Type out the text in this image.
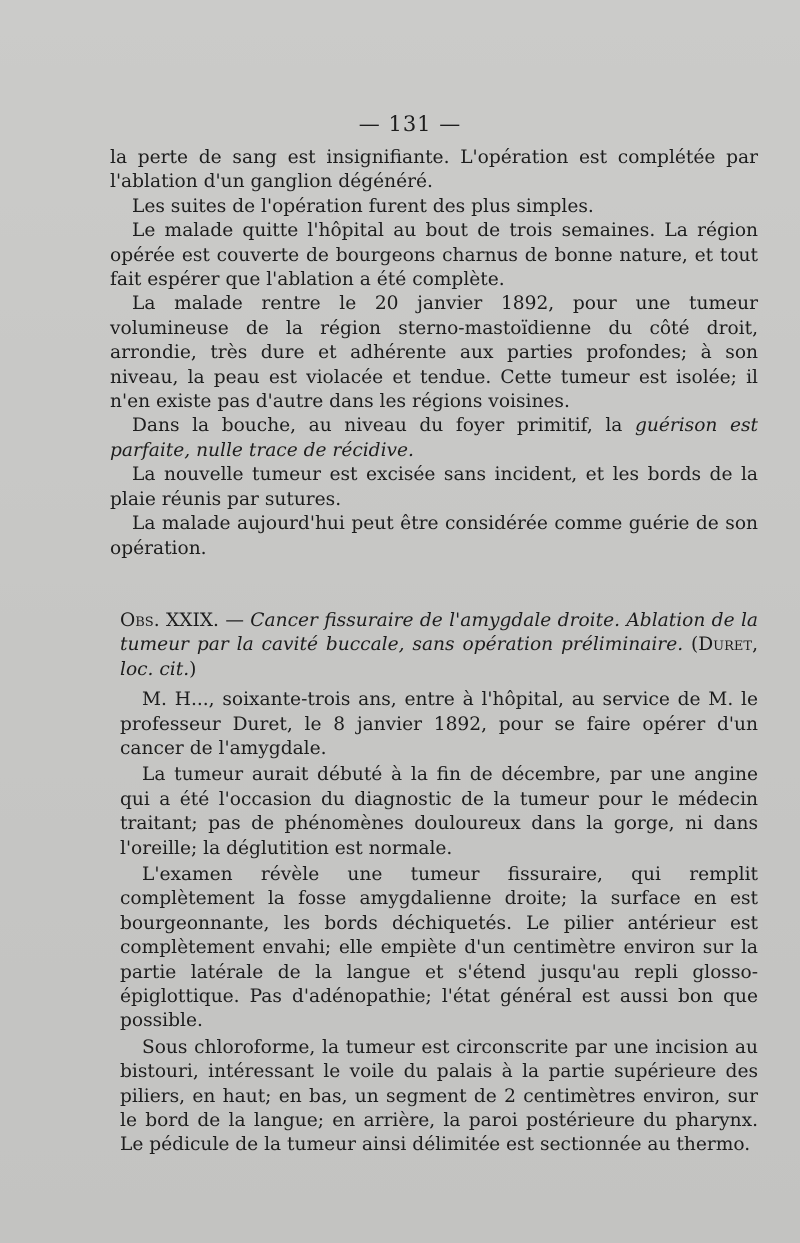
— 131 —

la perte de sang est insignifiante. L'opération est complétée par l'ablation d'un ganglion dégénéré.

Les suites de l'opération furent des plus simples.

Le malade quitte l'hôpital au bout de trois semaines. La région opérée est couverte de bourgeons charnus de bonne nature, et tout fait espérer que l'ablation a été complète.

La malade rentre le 20 janvier 1892, pour une tumeur volumineuse de la région sterno-mastoïdienne du côté droit, arrondie, très dure et adhérente aux parties profondes; à son niveau, la peau est violacée et tendue. Cette tumeur est isolée; il n'en existe pas d'autre dans les régions voisines.

Dans la bouche, au niveau du foyer primitif, la guérison est parfaite, nulle trace de récidive.

La nouvelle tumeur est excisée sans incident, et les bords de la plaie réunis par sutures.

La malade aujourd'hui peut être considérée comme guérie de son opération.

Obs. XXIX. — Cancer fissuraire de l'amygdale droite. Ablation de la tumeur par la cavité buccale, sans opération préliminaire. (Duret, loc. cit.)

M. H..., soixante-trois ans, entre à l'hôpital, au service de M. le professeur Duret, le 8 janvier 1892, pour se faire opérer d'un cancer de l'amygdale.

La tumeur aurait débuté à la fin de décembre, par une angine qui a été l'occasion du diagnostic de la tumeur pour le médecin traitant; pas de phénomènes douloureux dans la gorge, ni dans l'oreille; la déglutition est normale.

L'examen révèle une tumeur fissuraire, qui remplit complètement la fosse amygdalienne droite; la surface en est bourgeonnante, les bords déchiquetés. Le pilier antérieur est complètement envahi; elle empiète d'un centimètre environ sur la partie latérale de la langue et s'étend jusqu'au repli glosso-épiglottique. Pas d'adénopathie; l'état général est aussi bon que possible.

Sous chloroforme, la tumeur est circonscrite par une incision au bistouri, intéressant le voile du palais à la partie supérieure des piliers, en haut; en bas, un segment de 2 centimètres environ, sur le bord de la langue; en arrière, la paroi postérieure du pharynx. Le pédicule de la tumeur ainsi délimitée est sectionnée au thermo.
